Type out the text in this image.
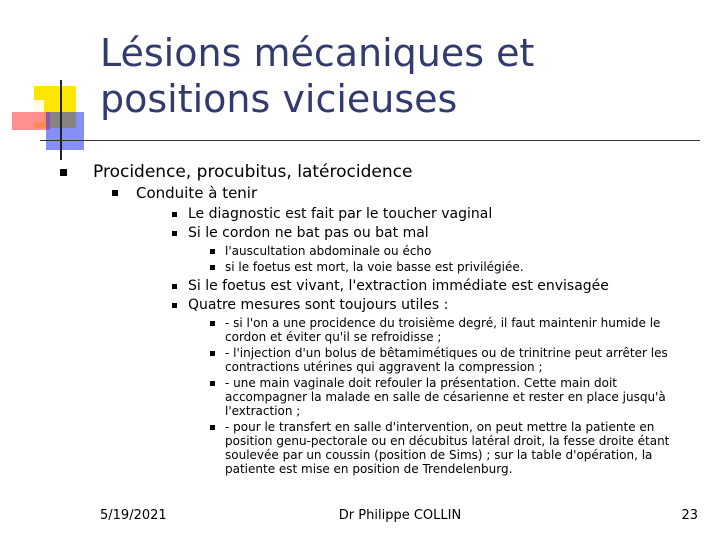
Lésions mécaniques et
positions vicieuses
Procidence, procubitus, latérocidence
Conduite à tenir
Le diagnostic est fait par le toucher vaginal
Si le cordon ne bat pas ou bat mal
l'auscultation abdominale ou écho
si le foetus est mort, la voie basse est privilégiée.
Si le foetus est vivant, l'extraction immédiate est envisagée
Quatre mesures sont toujours utiles :
- si l'on a une procidence du troisième degré, il faut maintenir humide le cordon et éviter qu'il se refroidisse ;
- l'injection d'un bolus de bêtamimétiques ou de trinitrine peut arrêter les contractions utérines qui aggravent la compression ;
- une main vaginale doit refouler la présentation. Cette main doit accompagner la malade en salle de césarienne et rester en place jusqu'à l'extraction ;
- pour le transfert en salle d'intervention, on peut mettre la patiente en position genu-pectorale ou en décubitus latéral droit, la fesse droite étant soulevée par un coussin (position de Sims) ; sur la table d'opération, la patiente est mise en position de Trendelenburg.
5/19/2021	Dr Philippe COLLIN	23
